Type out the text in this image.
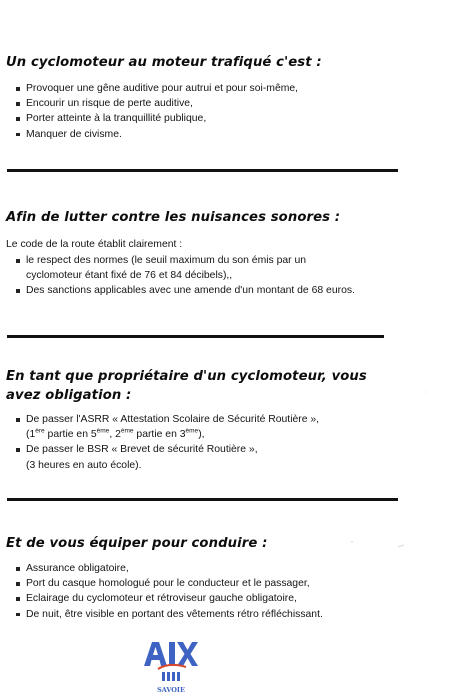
Un cyclomoteur au moteur trafiqué c'est :
Provoquer une gêne auditive pour autrui et pour soi-même,
Encourir un risque de perte auditive,
Porter atteinte à la tranquillité publique,
Manquer de civisme.
Afin de lutter contre les nuisances sonores :

Le code de la route établit clairement :

le respect des normes (le seuil maximum du son émis par un
cyclomoteur étant fixé de 76 et 84 décibels),,
Des sanctions applicables avec une amende d'un montant de 68 euros.
En tant que propriétaire d'un cyclomoteur, vous
avez obligation :
De passer l'ASRR « Attestation Scolaire de Sécurité Routière »,
(1ère partie en 5ème, 2ème partie en 3ème),
De passer le BSR « Brevet de sécurité Routière »,
(3 heures en auto école).
Et de vous équiper pour conduire :
Assurance obligatoire,
Port du casque homologué pour le conducteur et le passager,
Eclairage du cyclomoteur et rétroviseur gauche obligatoire,
De nuit, être visible en portant des vêtements rétro réfléchissant.
SAVOIE
